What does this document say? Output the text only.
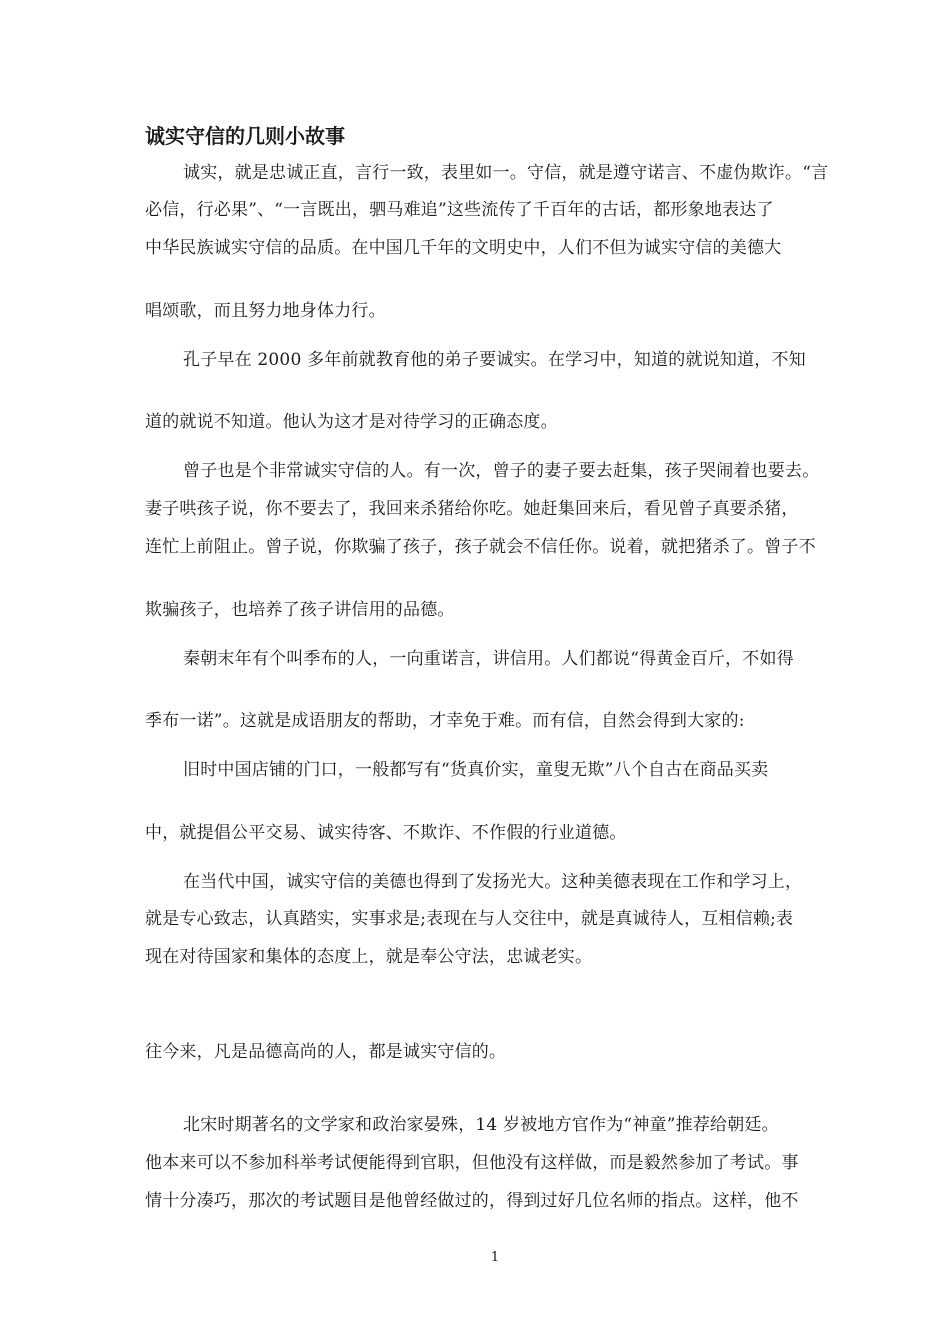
诚实守信的几则小故事
诚实，就是忠诚正直，言行一致，表里如一。守信，就是遵守诺言、不虚伪欺诈。“言
必信，行必果”、“一言既出，驷马难追”这些流传了千百年的古话，都形象地表达了
中华民族诚实守信的品质。在中国几千年的文明史中，人们不但为诚实守信的美德大
唱颂歌，而且努力地身体力行。
孔子早在 2000 多年前就教育他的弟子要诚实。在学习中，知道的就说知道，不知
道的就说不知道。他认为这才是对待学习的正确态度。
曾子也是个非常诚实守信的人。有一次，曾子的妻子要去赶集，孩子哭闹着也要去。
妻子哄孩子说，你不要去了，我回来杀猪给你吃。她赶集回来后，看见曾子真要杀猪，
连忙上前阻止。曾子说，你欺骗了孩子，孩子就会不信任你。说着，就把猪杀了。曾子不
欺骗孩子，也培养了孩子讲信用的品德。
秦朝末年有个叫季布的人，一向重诺言，讲信用。人们都说“得黄金百斤，不如得
季布一诺”。这就是成语朋友的帮助，才幸免于难。而有信，自然会得到大家的:
旧时中国店铺的门口，一般都写有“货真价实，童叟无欺”八个自古在商品买卖
中，就提倡公平交易、诚实待客、不欺诈、不作假的行业道德。
在当代中国，诚实守信的美德也得到了发扬光大。这种美德表现在工作和学习上，
就是专心致志，认真踏实，实事求是;表现在与人交往中，就是真诚待人，互相信赖;表
现在对待国家和集体的态度上，就是奉公守法，忠诚老实。
往今来，凡是品德高尚的人，都是诚实守信的。
北宋时期著名的文学家和政治家晏殊，14 岁被地方官作为“神童”推荐给朝廷。
他本来可以不参加科举考试便能得到官职，但他没有这样做，而是毅然参加了考试。事
情十分凑巧，那次的考试题目是他曾经做过的，得到过好几位名师的指点。这样，他不
1
